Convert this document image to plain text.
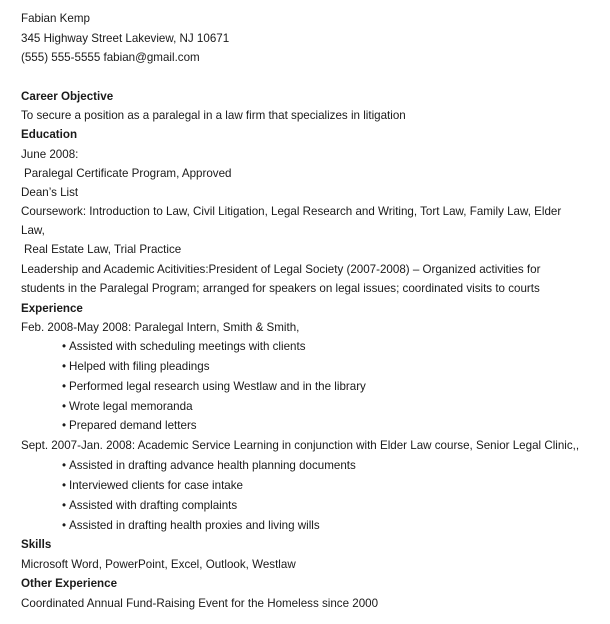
Fabian Kemp
345 Highway Street Lakeview, NJ 10671
(555) 555-5555 fabian@gmail.com
Career Objective
To secure a position as a paralegal in a law firm that specializes in litigation
Education
June 2008:
Paralegal Certificate Program, Approved
Dean’s List
Coursework: Introduction to Law, Civil Litigation, Legal Research and Writing, Tort Law, Family Law, Elder
Law,
Real Estate Law, Trial Practice
Leadership and Academic Acitivities:President of Legal Society (2007-2008) – Organized activities for
students in the Paralegal Program; arranged for speakers on legal issues; coordinated visits to courts
Experience
Feb. 2008-May 2008: Paralegal Intern, Smith & Smith,
• Assisted with scheduling meetings with clients
• Helped with filing pleadings
• Performed legal research using Westlaw and in the library
• Wrote legal memoranda
• Prepared demand letters
Sept. 2007-Jan. 2008: Academic Service Learning in conjunction with Elder Law course, Senior Legal Clinic,,
• Assisted in drafting advance health planning documents
• Interviewed clients for case intake
• Assisted with drafting complaints
• Assisted in drafting health proxies and living wills
Skills
Microsoft Word, PowerPoint, Excel, Outlook, Westlaw
Other Experience
Coordinated Annual Fund-Raising Event for the Homeless since 2000
